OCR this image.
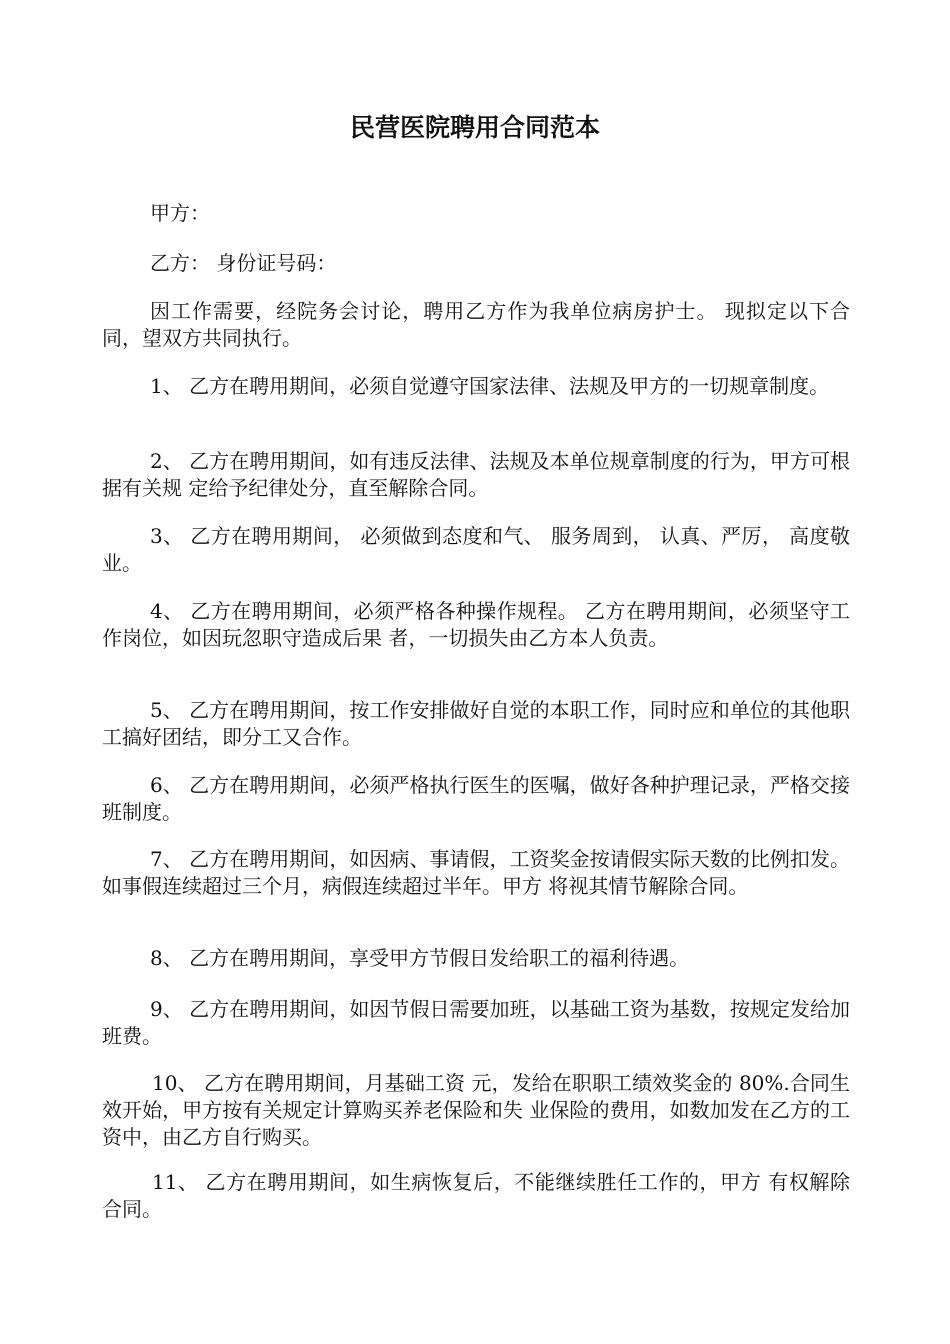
民营医院聘用合同范本

甲方：

乙方： 身份证号码：

因工作需要，经院务会讨论，聘用乙方作为我单位病房护士。 现拟定以下合同，望双方共同执行。

1、 乙方在聘用期间，必须自觉遵守国家法律、法规及甲方的一切规章制度。

2、 乙方在聘用期间，如有违反法律、法规及本单位规章制度的行为，甲方可根据有关规 定给予纪律处分，直至解除合同。

3、 乙方在聘用期间， 必须做到态度和气、 服务周到， 认真、严厉， 高度敬业。

4、 乙方在聘用期间，必须严格各种操作规程。 乙方在聘用期间，必须坚守工作岗位，如因玩忽职守造成后果 者，一切损失由乙方本人负责。

5、 乙方在聘用期间，按工作安排做好自觉的本职工作，同时应和单位的其他职工搞好团结，即分工又合作。

6、 乙方在聘用期间，必须严格执行医生的医嘱，做好各种护理记录，严格交接班制度。

7、 乙方在聘用期间，如因病、事请假，工资奖金按请假实际天数的比例扣发。如事假连续超过三个月，病假连续超过半年。甲方 将视其情节解除合同。

8、 乙方在聘用期间，享受甲方节假日发给职工的福利待遇。

9、 乙方在聘用期间，如因节假日需要加班，以基础工资为基数，按规定发给加班费。

10、 乙方在聘用期间，月基础工资 元，发给在职职工绩效奖金的 80%.合同生效开始，甲方按有关规定计算购买养老保险和失 业保险的费用，如数加发在乙方的工资中，由乙方自行购买。

11、 乙方在聘用期间，如生病恢复后，不能继续胜任工作的，甲方 有权解除合同。
